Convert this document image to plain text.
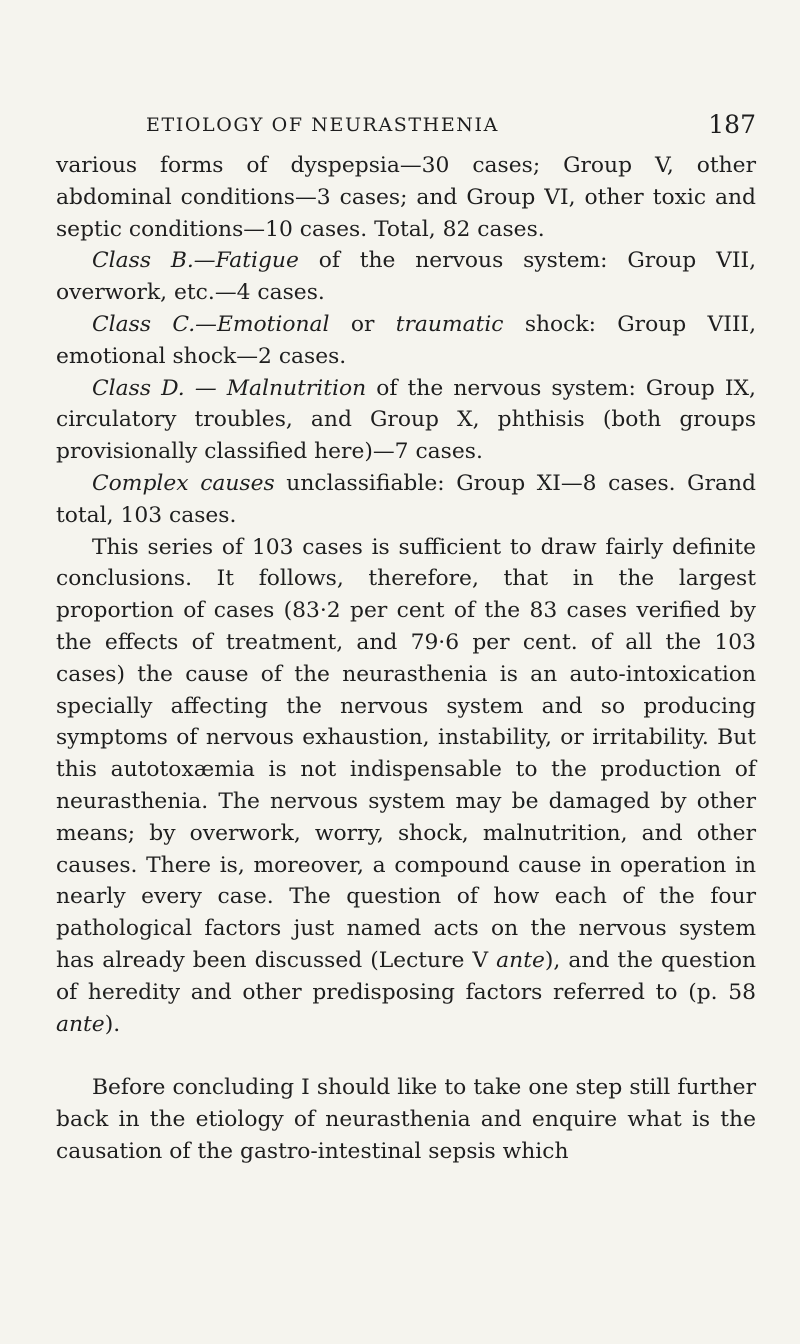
ETIOLOGY OF NEURASTHENIA	187

various forms of dyspepsia—30 cases; Group V, other abdominal conditions—3 cases; and Group VI, other toxic and septic conditions—10 cases. Total, 82 cases.

Class B.—Fatigue of the nervous system: Group VII, overwork, etc.—4 cases.

Class C.—Emotional or traumatic shock: Group VIII, emotional shock—2 cases.

Class D. — Malnutrition of the nervous system: Group IX, circulatory troubles, and Group X, phthisis (both groups provisionally classified here)—7 cases.

Complex causes unclassifiable: Group XI—8 cases. Grand total, 103 cases.

This series of 103 cases is sufficient to draw fairly definite conclusions. It follows, therefore, that in the largest proportion of cases (83·2 per cent of the 83 cases verified by the effects of treatment, and 79·6 per cent. of all the 103 cases) the cause of the neurasthenia is an auto-intoxication specially affecting the nervous system and so producing symptoms of nervous exhaustion, instability, or irritability. But this autotoxæmia is not indispensable to the production of neurasthenia. The nervous system may be damaged by other means; by overwork, worry, shock, malnutrition, and other causes. There is, moreover, a compound cause in operation in nearly every case. The question of how each of the four pathological factors just named acts on the nervous system has already been discussed (Lecture V ante), and the question of heredity and other predisposing factors referred to (p. 58 ante).

Before concluding I should like to take one step still further back in the etiology of neurasthenia and enquire what is the causation of the gastro-intestinal sepsis which
